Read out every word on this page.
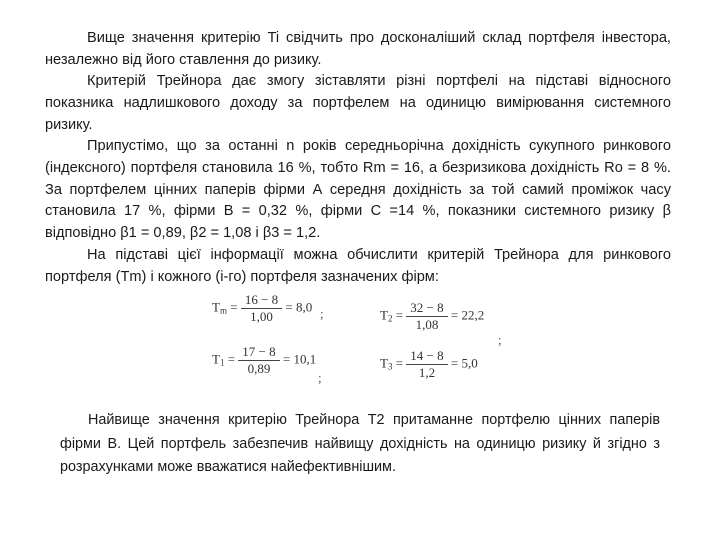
Вище значення критерію Ti свідчить про досконаліший склад портфеля інвестора, незалежно від його ставлення до ризику.

Критерій Трейнора дає змогу зіставляти різні портфелі на підставі відносного показника надлишкового доходу за портфелем на одиницю вимірювання системного ризику.

Припустімо, що за останні n років середньорічна дохідність сукупного ринкового (індексного) портфеля становила 16 %, тобто Rm = 16, а безризикова дохідність Ro = 8 %. За портфелем цінних паперів фірми А середня дохідність за той самий проміжок часу становила 17 %, фірми В = 0,32 %, фірми С =14 %, показники системного ризику β відповідно β1 = 0,89, β2 = 1,08 і β3 = 1,2.

На підставі цієї інформації можна обчислити критерій Трейнора для ринкового портфеля (Tm) і кожного (і-го) портфеля зазначених фірм:

$T_m = \frac{16 - 8}{1,00} = 8,0$ ;
$T_1 = \frac{17 - 8}{0,89} = 10,1$
;
$T_2 = \frac{32 - 8}{1,08} = 22,2$
;
$T_3 = \frac{14 - 8}{1,2} = 5,0$

Найвище значення критерію Трейнора Т2 притаманне портфелю цінних паперів фірми В. Цей портфель забезпечив найвищу дохідність на одиницю ризику й згідно з розрахунками може вважатися найефективнішим.
